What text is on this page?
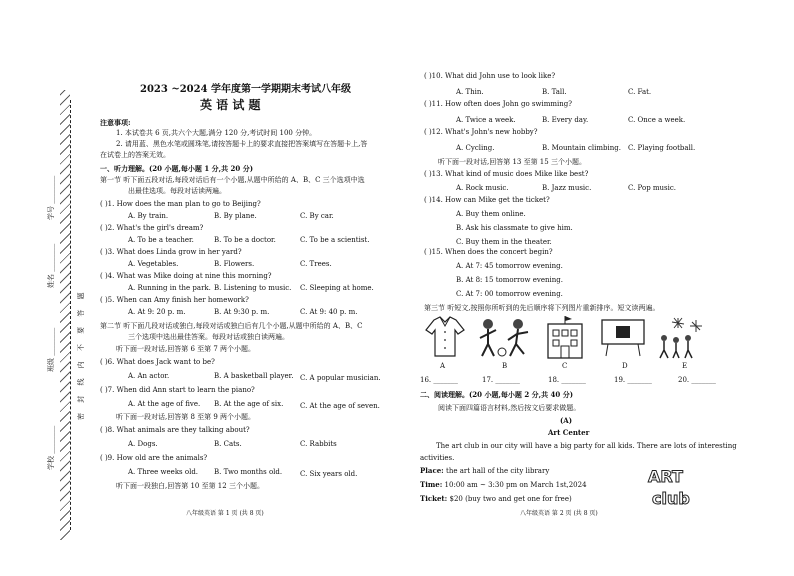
学校 ________
班级 ________
姓名 ________
学号 ________
密 封 线 内 不 要 答 题
2023 ~2024 学年度第一学期期末考试八年级
英 语 试 题
注意事项:
1. 本试卷共 6 页,共六个大题,满分 120 分,考试时间 100 分钟。
2. 请用蓝、黑色水笔或圆珠笔,请按答题卡上的要求直接把答案填写在答题卡上,答
在试卷上的答案无效。
一、听力理解。(20 小题,每小题 1 分,共 20 分)
第一节 听下面五段对话,每段对话后有一个小题,从题中所给的 A、B、C 三个选项中选
出最佳选项。每段对话读两遍。
( )1. How does the man plan to go to Beijing?
A. By train.	B. By plane.	C. By car.
( )2. What's the girl's dream?
A. To be a teacher.	B. To be a doctor.	C. To be a scientist.
( )3. What does Linda grow in her yard?
A. Vegetables.	B. Flowers.	C. Trees.
( )4. What was Mike doing at nine this morning?
A. Running in the park. B. Listening to music. C. Sleeping at home.
( )5. When can Amy finish her homework?
A. At 9: 20 p. m.	B. At 9:30 p. m.	C. At 9: 40 p. m.
第二节 听下面几段对话或独白,每段对话或独白后有几个小题,从题中所给的 A、B、C
三个选项中选出最佳答案。每段对话或独白读两遍。
听下面一段对话,回答第 6 至第 7 两个小题。
( )6. What does Jack want to be?
A. An actor.	B. A basketball player. C. A popular musician.
( )7. When did Ann start to learn the piano?
A. At the age of five. B. At the age of six. C. At the age of seven.
听下面一段对话,回答第 8 至第 9 两个小题。
( )8. What animals are they talking about?
A. Dogs.	B. Cats.	C. Rabbits
( )9. How old are the animals?
A. Three weeks old. B. Two months old.	C. Six years old.
听下面一段独白,回答第 10 至第 12 三个小题。
八年级英语 第 1 页 (共 8 页)
( )10. What did John use to look like?
A. Thin.	B. Tall.	C. Fat.
( )11. How often does John go swimming?
A. Twice a week.	B. Every day.	C. Once a week.
( )12. What's John's new hobby?
A. Cycling.	B. Mountain climbing. C. Playing football.
听下面一段对话,回答第 13 至第 15 三个小题。
( )13. What kind of music does Mike like best?
A. Rock music.	B. Jazz music.	C. Pop music.
( )14. How can Mike get the ticket?
A. Buy them online.
B. Ask his classmate to give him.
C. Buy them in the theater.
( )15. When does the concert begin?
A. At 7: 45 tomorrow evening.
B. At 8: 15 tomorrow evening.
C. At 7: 00 tomorrow evening.
第三节 听短文,按照你所听到的先后顺序将下列图片重新排序。短文读两遍。
A	B	C	D	E
16. _______	17. _______	18. _______	19. _______	20. _______
二、阅读理解。(20 小题,每小题 2 分,共 40 分)
阅读下面四篇语言材料,然后按文后要求做题。
(A)
Art Center
The art club in our city will have a big party for all kids. There are lots of interesting
activities.
Place: the art hall of the city library
Time: 10:00 am ~ 3:30 pm on March 1st,2024
Ticket: $20 (buy two and get one for free)
ART
club
八年级英语 第 2 页 (共 8 页)
